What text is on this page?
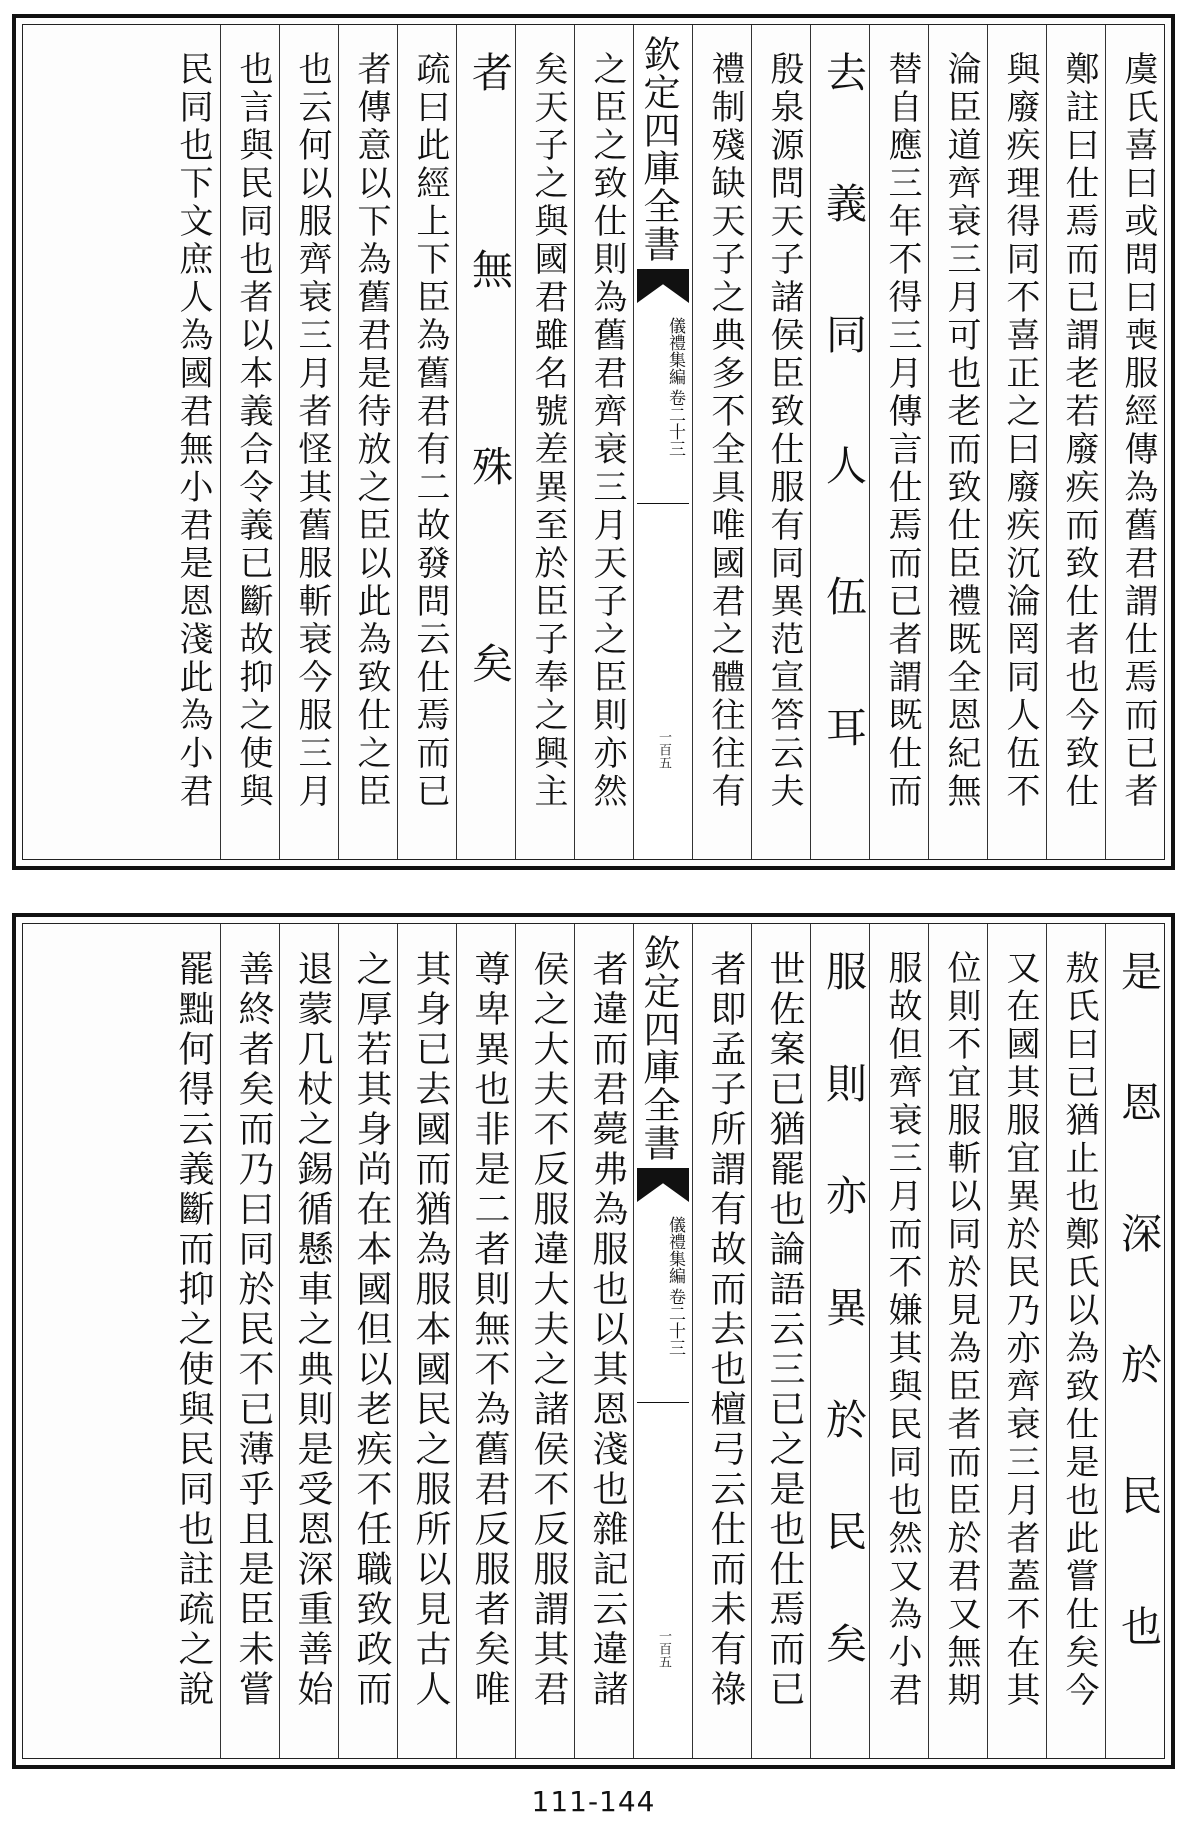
虞氏喜曰或問曰喪服經傳為舊君謂仕焉而已者
鄭註曰仕焉而已謂老若廢疾而致仕者也今致仕
與廢疾理得同不喜正之曰廢疾沉淪罔同人伍不
淪臣道齊衰三月可也老而致仕臣禮既全恩紀無
替自應三年不得三月傳言仕焉而已者謂既仕而
去義同人伍耳
殷泉源問天子諸侯臣致仕服有同異范宣答云夫
禮制殘缺天子之典多不全具唯國君之體往往有
欽定四庫全書
儀禮集編
卷二十三
一百五
之臣之致仕則為舊君齊衰三月天子之臣則亦然
矣天子之與國君雖名號差異至於臣子奉之興主
者無殊矣
疏曰此經上下臣為舊君有二故發問云仕焉而已
者傳意以下為舊君是待放之臣以此為致仕之臣
也云何以服齊衰三月者怪其舊服斬衰今服三月
也言與民同也者以本義合令義已斷故抑之使與
民同也下文庶人為國君無小君是恩淺此為小君
是恩深於民也
敖氏曰已猶止也鄭氏以為致仕是也此嘗仕矣今
又在國其服宜異於民乃亦齊衰三月者蓋不在其
位則不宜服斬以同於見為臣者而臣於君又無期
服故但齊衰三月而不嫌其與民同也然又為小君
服則亦異於民矣
世佐案已猶罷也論語云三已之是也仕焉而已
者即孟子所謂有故而去也檀弓云仕而未有祿
欽定四庫全書
儀禮集編
卷二十三
一百五
者違而君薨弗為服也以其恩淺也雜記云違諸
侯之大夫不反服違大夫之諸侯不反服謂其君
尊卑異也非是二者則無不為舊君反服者矣唯
其身已去國而猶為服本國民之服所以見古人
之厚若其身尚在本國但以老疾不任職致政而
退蒙几杖之錫循懸車之典則是受恩深重善始
善終者矣而乃曰同於民不已薄乎且是臣未嘗
罷黜何得云義斷而抑之使與民同也註疏之說
111-144
